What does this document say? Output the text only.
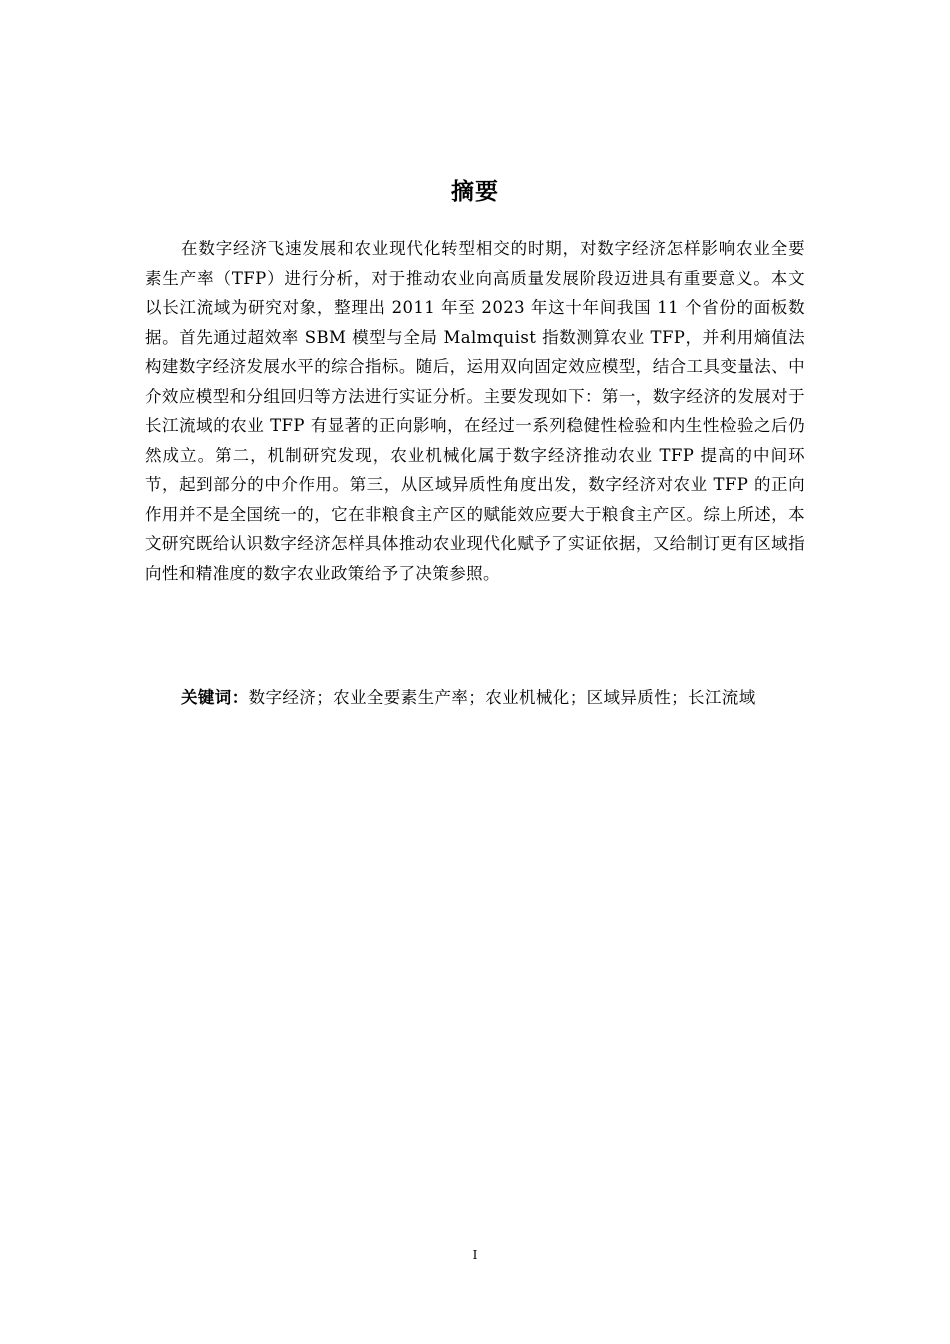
摘要

在数字经济飞速发展和农业现代化转型相交的时期，对数字经济怎样影响农业全要素生产率（TFP）进行分析，对于推动农业向高质量发展阶段迈进具有重要意义。本文以长江流域为研究对象，整理出 2011 年至 2023 年这十年间我国 11 个省份的面板数据。首先通过超效率 SBM 模型与全局 Malmquist 指数测算农业 TFP，并利用熵值法构建数字经济发展水平的综合指标。随后，运用双向固定效应模型，结合工具变量法、中介效应模型和分组回归等方法进行实证分析。主要发现如下：第一，数字经济的发展对于长江流域的农业 TFP 有显著的正向影响，在经过一系列稳健性检验和内生性检验之后仍然成立。第二，机制研究发现，农业机械化属于数字经济推动农业 TFP 提高的中间环节，起到部分的中介作用。第三，从区域异质性角度出发，数字经济对农业 TFP 的正向作用并不是全国统一的，它在非粮食主产区的赋能效应要大于粮食主产区。综上所述，本文研究既给认识数字经济怎样具体推动农业现代化赋予了实证依据，又给制订更有区域指向性和精准度的数字农业政策给予了决策参照。

关键词：数字经济；农业全要素生产率；农业机械化；区域异质性；长江流域

I
